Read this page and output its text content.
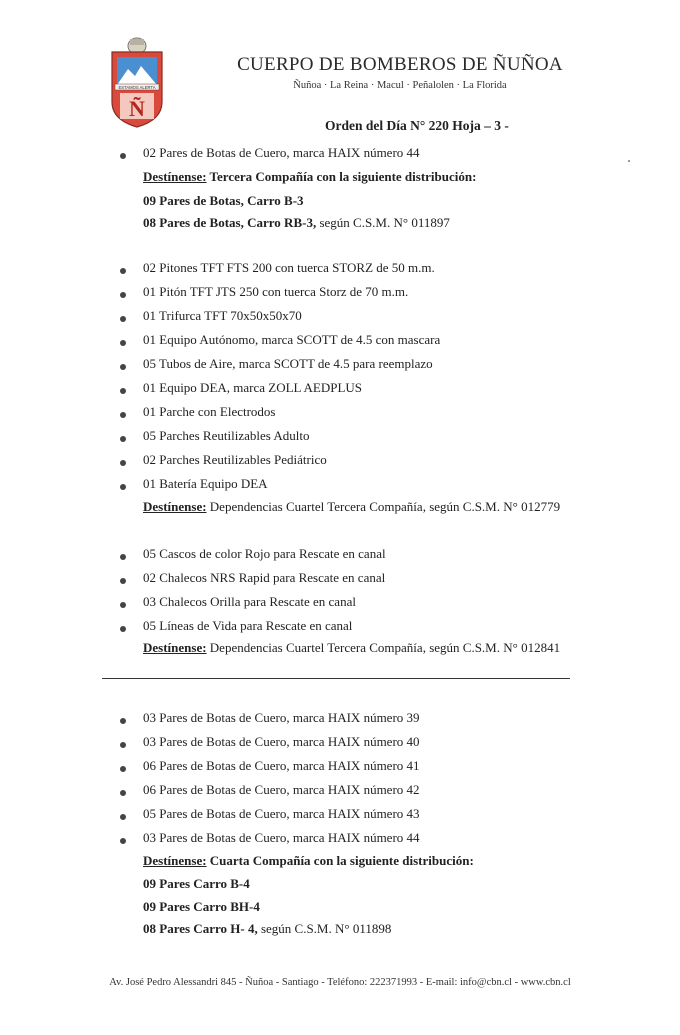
ESTAMOS ALERTA
Ñ
CUERPO DE BOMBEROS DE ÑUÑOA
Ñuñoa · La Reina · Macul · Peñalolen · La Florida
Orden del Día N° 220 Hoja – 3 -
02 Pares de Botas de Cuero, marca HAIX número 44
Destínense: Tercera Compañía con la siguiente distribución:
09 Pares de Botas, Carro B-3
08 Pares de Botas, Carro RB-3, según C.S.M. N° 011897
02 Pitones TFT FTS 200 con tuerca STORZ de 50 m.m.
01 Pitón TFT JTS 250 con tuerca Storz de 70 m.m.
01 Trifurca TFT 70x50x50x70
01 Equipo Autónomo, marca SCOTT de 4.5 con mascara
05 Tubos de Aire, marca SCOTT de 4.5 para reemplazo
01 Equipo DEA, marca ZOLL AEDPLUS
01 Parche con Electrodos
05 Parches Reutilizables Adulto
02 Parches Reutilizables Pediátrico
01 Batería Equipo DEA
Destínense: Dependencias Cuartel Tercera Compañía, según C.S.M. N° 012779
05 Cascos de color Rojo para Rescate en canal
02 Chalecos NRS Rapid para Rescate en canal
03 Chalecos Orilla para Rescate en canal
05 Líneas de Vida para Rescate en canal
Destínense: Dependencias Cuartel Tercera Compañía, según C.S.M. N° 012841
03 Pares de Botas de Cuero, marca HAIX número 39
03 Pares de Botas de Cuero, marca HAIX número 40
06 Pares de Botas de Cuero, marca HAIX número 41
06 Pares de Botas de Cuero, marca HAIX número 42
05 Pares de Botas de Cuero, marca HAIX número 43
03 Pares de Botas de Cuero, marca HAIX número 44
Destínense: Cuarta Compañía con la siguiente distribución:
09 Pares Carro B-4
09 Pares Carro BH-4
08 Pares Carro H- 4, según C.S.M. N° 011898
Av. José Pedro Alessandri 845 - Ñuñoa - Santiago - Teléfono: 222371993 - E-mail: info@cbn.cl - www.cbn.cl
